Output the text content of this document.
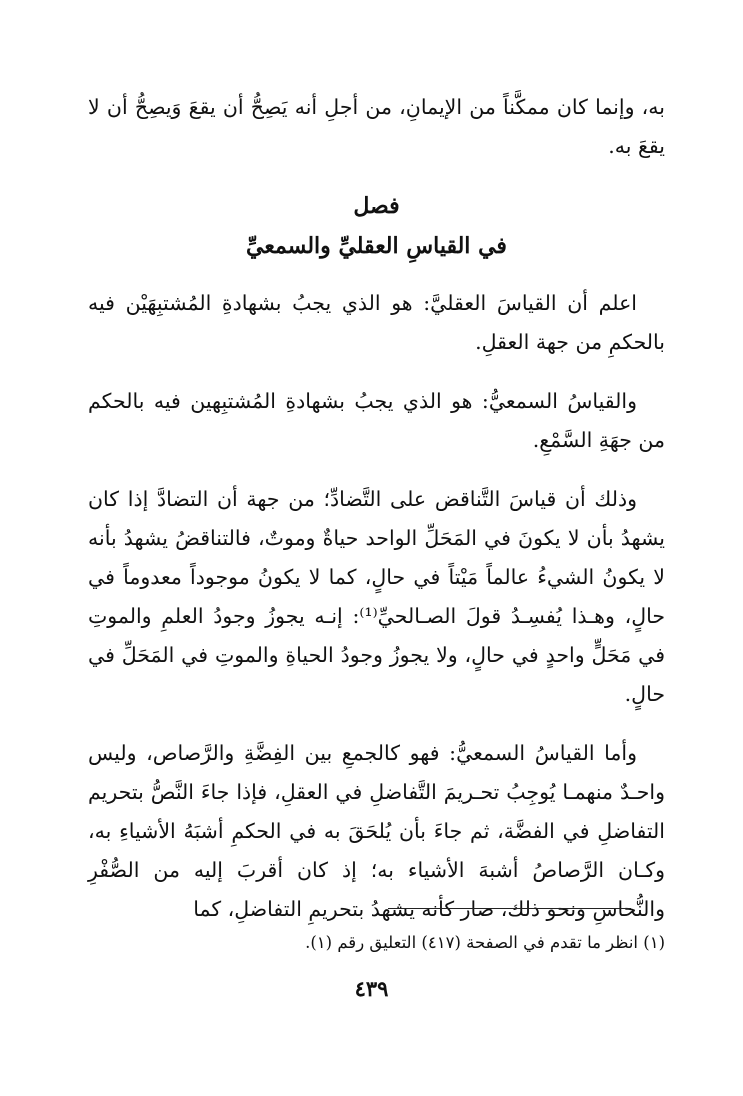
به، وإنما كان ممكَّناً من الإيمانِ، من أجلِ أنه يَصِحُّ أن يقعَ وَيصِحُّ أن لا يقعَ به.

فصل

في القياسِ العقليِّ والسمعيِّ

اعلم أن القياسَ العقليَّ: هو الذي يجبُ بشهادةِ المُشتبِهَيْن فيه بالحكمِ من جهة العقلِ.

والقياسُ السمعيُّ: هو الذي يجبُ بشهادةِ المُشتبِهين فيه بالحكم من جهَةِ السَّمْعِ.

وذلك أن قياسَ التَّناقض على التَّضادِّ؛ من جهة أن التضادَّ إذا كان يشهدُ بأن لا يكونَ في المَحَلِّ الواحد حياةٌ وموتٌ، فالتناقضُ يشهدُ بأنه لا يكونُ الشيءُ عالماً مَيْتاً في حالٍ، كما لا يكونُ موجوداً معدوماً في حالٍ، وهـذا يُفسِـدُ قولَ الصـالحيِّ⁽¹⁾: إنـه يجوزُ وجودُ العلمِ والموتِ في مَحَلٍّ واحدٍ في حالٍ، ولا يجوزُ وجودُ الحياةِ والموتِ في المَحَلِّ في حالٍ.

وأما القياسُ السمعيُّ: فهو كالجمعِ بين الفِضَّةِ والرَّصاص، وليس واحـدٌ منهمـا يُوجِبُ تحـريمَ التَّفاضلِ في العقلِ، فإذا جاءَ النَّصُّ بتحريم التفاضلِ في الفضَّة، ثم جاءَ بأن يُلحَقَ به في الحكمِ أشبَهُ الأشياءِ به، وكـان الرَّصاصُ أشبهَ الأشياء به؛ إذ كان أقربَ إليه من الصُّفْرِ والنُّحاسِ ونحو ذلك، صار كأنه يشهدُ بتحريمِ التفاضلِ، كما

(١) انظر ما تقدم في الصفحة (٤١٧) التعليق رقم (١).

٤٣٩
